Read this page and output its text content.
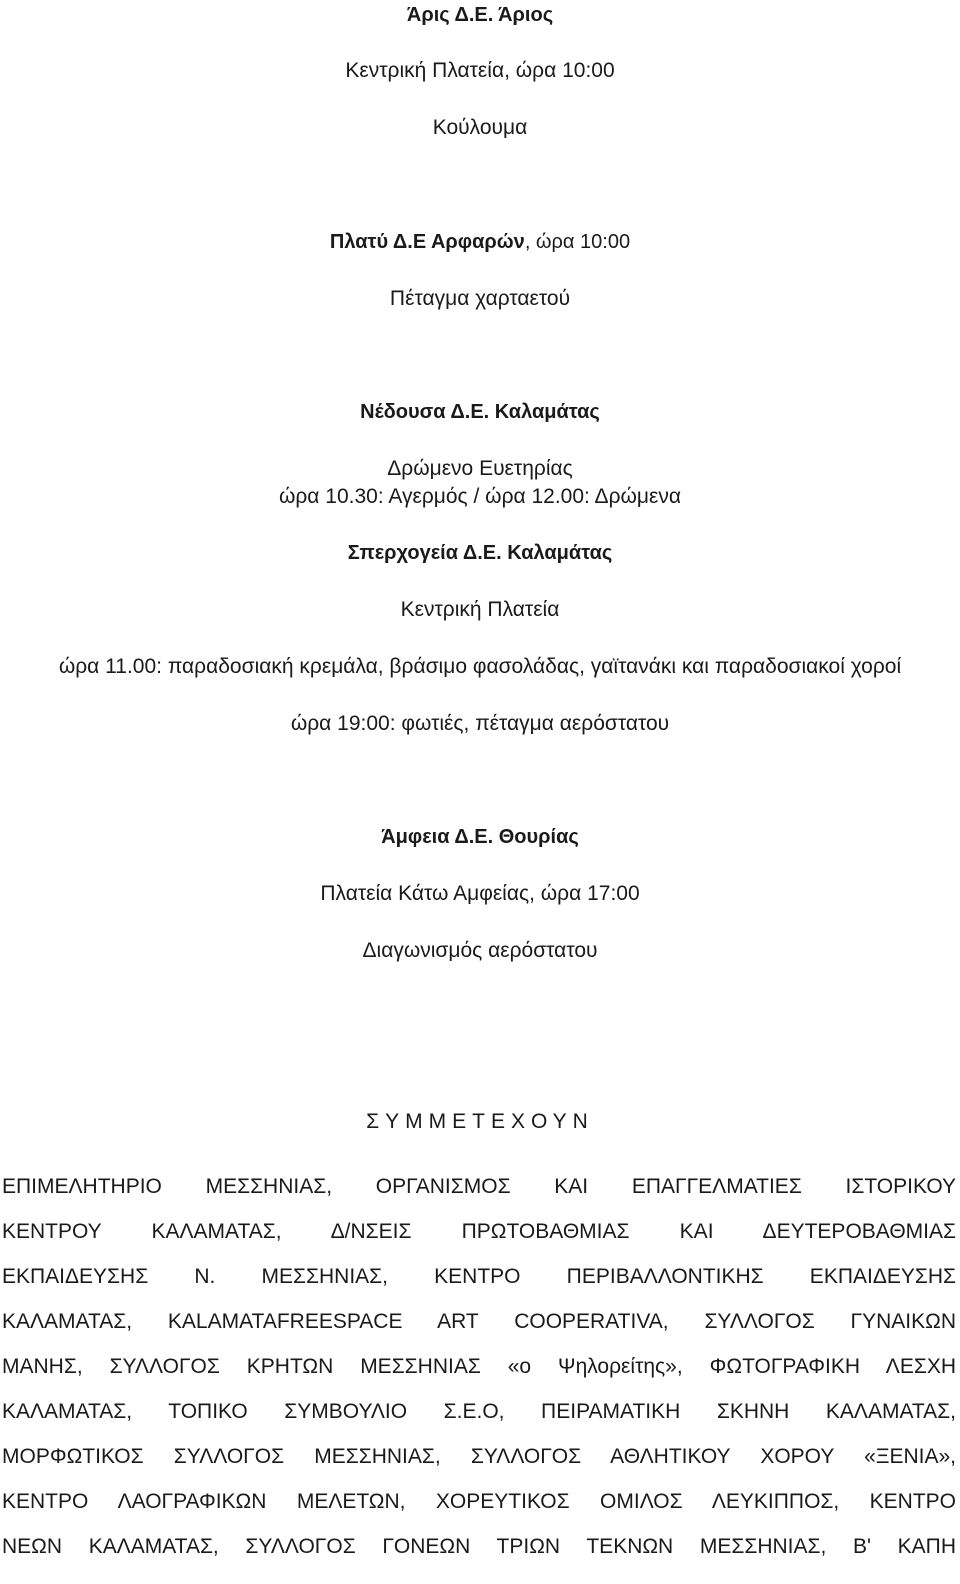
Άρις Δ.Ε. Άριος
Κεντρική Πλατεία, ώρα 10:00
Κούλουμα
Πλατύ Δ.Ε Αρφαρών, ώρα 10:00
Πέταγμα χαρταετού
Νέδουσα Δ.Ε. Καλαμάτας
Δρώμενο Ευετηρίας
ώρα 10.30: Αγερμός / ώρα 12.00: Δρώμενα
Σπερχογεία Δ.Ε. Καλαμάτας
Κεντρική Πλατεία
ώρα 11.00: παραδοσιακή κρεμάλα, βράσιμο φασολάδας, γαϊτανάκι και παραδοσιακοί χοροί
ώρα 19:00: φωτιές, πέταγμα αερόστατου
Άμφεια Δ.Ε. Θουρίας
Πλατεία Κάτω Αμφείας, ώρα 17:00
Διαγωνισμός αερόστατου
ΣΥΜΜΕΤΕΧΟΥΝ
ΕΠΙΜΕΛΗΤΗΡΙΟ ΜΕΣΣΗΝΙΑΣ, ΟΡΓΑΝΙΣΜΟΣ ΚΑΙ ΕΠΑΓΓΕΛΜΑΤΙΕΣ ΙΣΤΟΡΙΚΟΥ
ΚΕΝΤΡΟΥ ΚΑΛΑΜΑΤΑΣ, Δ/ΝΣΕΙΣ ΠΡΩΤΟΒΑΘΜΙΑΣ ΚΑΙ ΔΕΥΤΕΡΟΒΑΘΜΙΑΣ
ΕΚΠΑΙΔΕΥΣΗΣ Ν. ΜΕΣΣΗΝΙΑΣ, ΚΕΝΤΡΟ ΠΕΡΙΒΑΛΛΟΝΤΙΚΗΣ ΕΚΠΑΙΔΕΥΣΗΣ
ΚΑΛΑΜΑΤΑΣ, KALAMATAFREESPACE ART COOPERATIVA, ΣΥΛΛΟΓΟΣ ΓΥΝΑΙΚΩΝ
ΜΑΝΗΣ, ΣΥΛΛΟΓΟΣ ΚΡΗΤΩΝ ΜΕΣΣΗΝΙΑΣ «ο Ψηλορείτης», ΦΩΤΟΓΡΑΦΙΚΗ ΛΕΣΧΗ
ΚΑΛΑΜΑΤΑΣ, ΤΟΠΙΚΟ ΣΥΜΒΟΥΛΙΟ Σ.Ε.Ο, ΠΕΙΡΑΜΑΤΙΚΗ ΣΚΗΝΗ ΚΑΛΑΜΑΤΑΣ,
ΜΟΡΦΩΤΙΚΟΣ ΣΥΛΛΟΓΟΣ ΜΕΣΣΗΝΙΑΣ, ΣΥΛΛΟΓΟΣ ΑΘΛΗΤΙΚΟΥ ΧΟΡΟΥ «ΞΕΝΙΑ»,
ΚΕΝΤΡΟ ΛΑΟΓΡΑΦΙΚΩΝ ΜΕΛΕΤΩΝ, ΧΟΡΕΥΤΙΚΟΣ ΟΜΙΛΟΣ ΛΕΥΚΙΠΠΟΣ, ΚΕΝΤΡΟ
ΝΕΩΝ ΚΑΛΑΜΑΤΑΣ, ΣΥΛΛΟΓΟΣ ΓΟΝΕΩΝ ΤΡΙΩΝ ΤΕΚΝΩΝ ΜΕΣΣΗΝΙΑΣ, Β' ΚΑΠΗ
